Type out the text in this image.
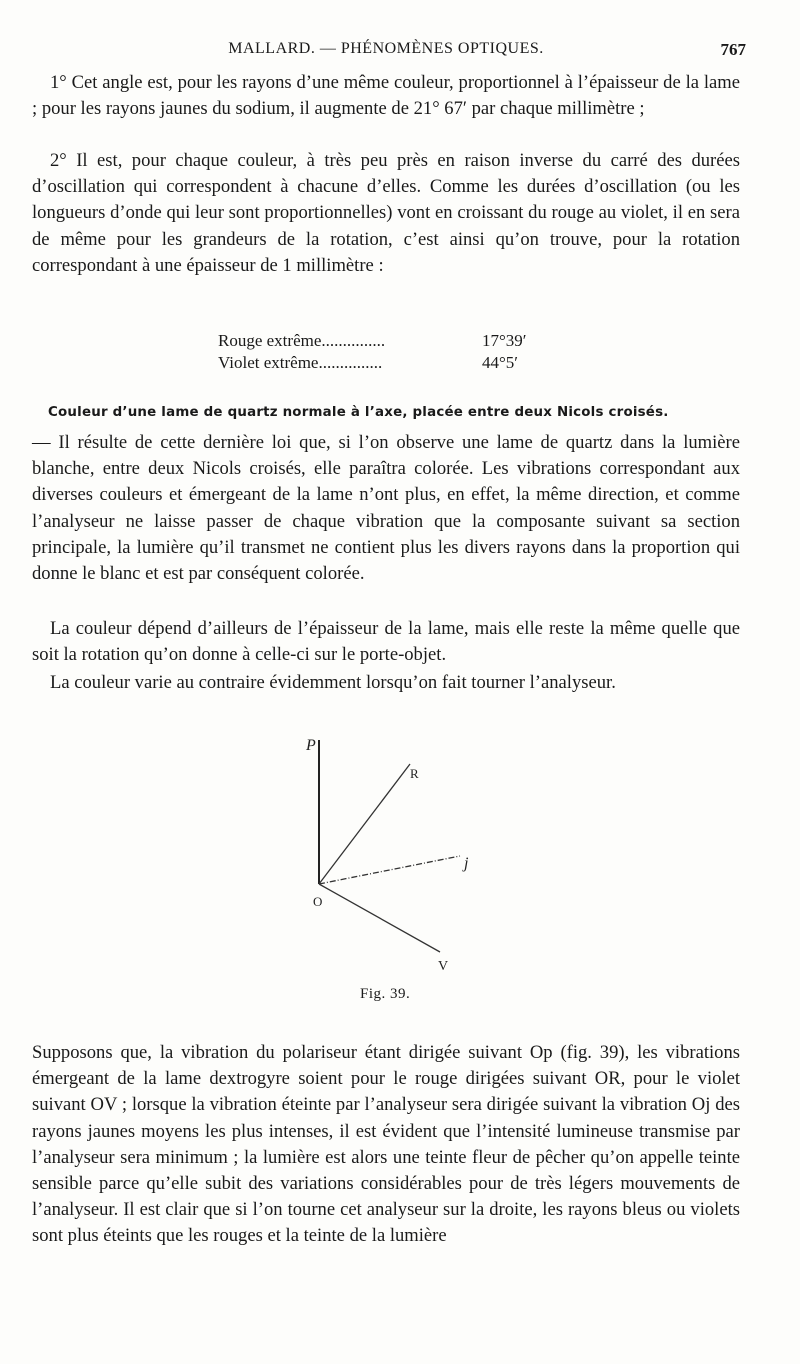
MALLARD. — PHÉNOMÈNES OPTIQUES.	767

1° Cet angle est, pour les rayons d’une même couleur, proportionnel à l’épaisseur de la lame ; pour les rayons jaunes du sodium, il augmente de 21° 67′ par chaque millimètre ;

2° Il est, pour chaque couleur, à très peu près en raison inverse du carré des durées d’oscillation qui correspondent à chacune d’elles. Comme les durées d’oscillation (ou les longueurs d’onde qui leur sont proportionnelles) vont en croissant du rouge au violet, il en sera de même pour les grandeurs de la rotation, c’est ainsi qu’on trouve, pour la rotation correspondant à une épaisseur de 1 millimètre :

Rouge extrême...............	17°39′
Violet extrême...............	44°5′
Couleur d’une lame de quartz normale à l’axe, placée entre deux Nicols croisés.

— Il résulte de cette dernière loi que, si l’on observe une lame de quartz dans la lumière blanche, entre deux Nicols croisés, elle paraîtra colorée. Les vibrations correspondant aux diverses couleurs et émergeant de la lame n’ont plus, en effet, la même direction, et comme l’analyseur ne laisse passer de chaque vibration que la composante suivant sa section principale, la lumière qu’il transmet ne contient plus les divers rayons dans la proportion qui donne le blanc et est par conséquent colorée.

La couleur dépend d’ailleurs de l’épaisseur de la lame, mais elle reste la même quelle que soit la rotation qu’on donne à celle-ci sur le porte-objet.

La couleur varie au contraire évidemment lorsqu’on fait tourner l’analyseur.

P
R
j
O
V
Fig. 39.

Supposons que, la vibration du polariseur étant dirigée suivant Op (fig. 39), les vibrations émergeant de la lame dextrogyre soient pour le rouge dirigées suivant OR, pour le violet suivant OV ; lorsque la vibration éteinte par l’analyseur sera dirigée suivant la vibration Oj des rayons jaunes moyens les plus intenses, il est évident que l’intensité lumineuse transmise par l’analyseur sera minimum ; la lumière est alors une teinte fleur de pêcher qu’on appelle teinte sensible parce qu’elle subit des variations considérables pour de très légers mouvements de l’analyseur. Il est clair que si l’on tourne cet analyseur sur la droite, les rayons bleus ou violets sont plus éteints que les rouges et la teinte de la lumière
